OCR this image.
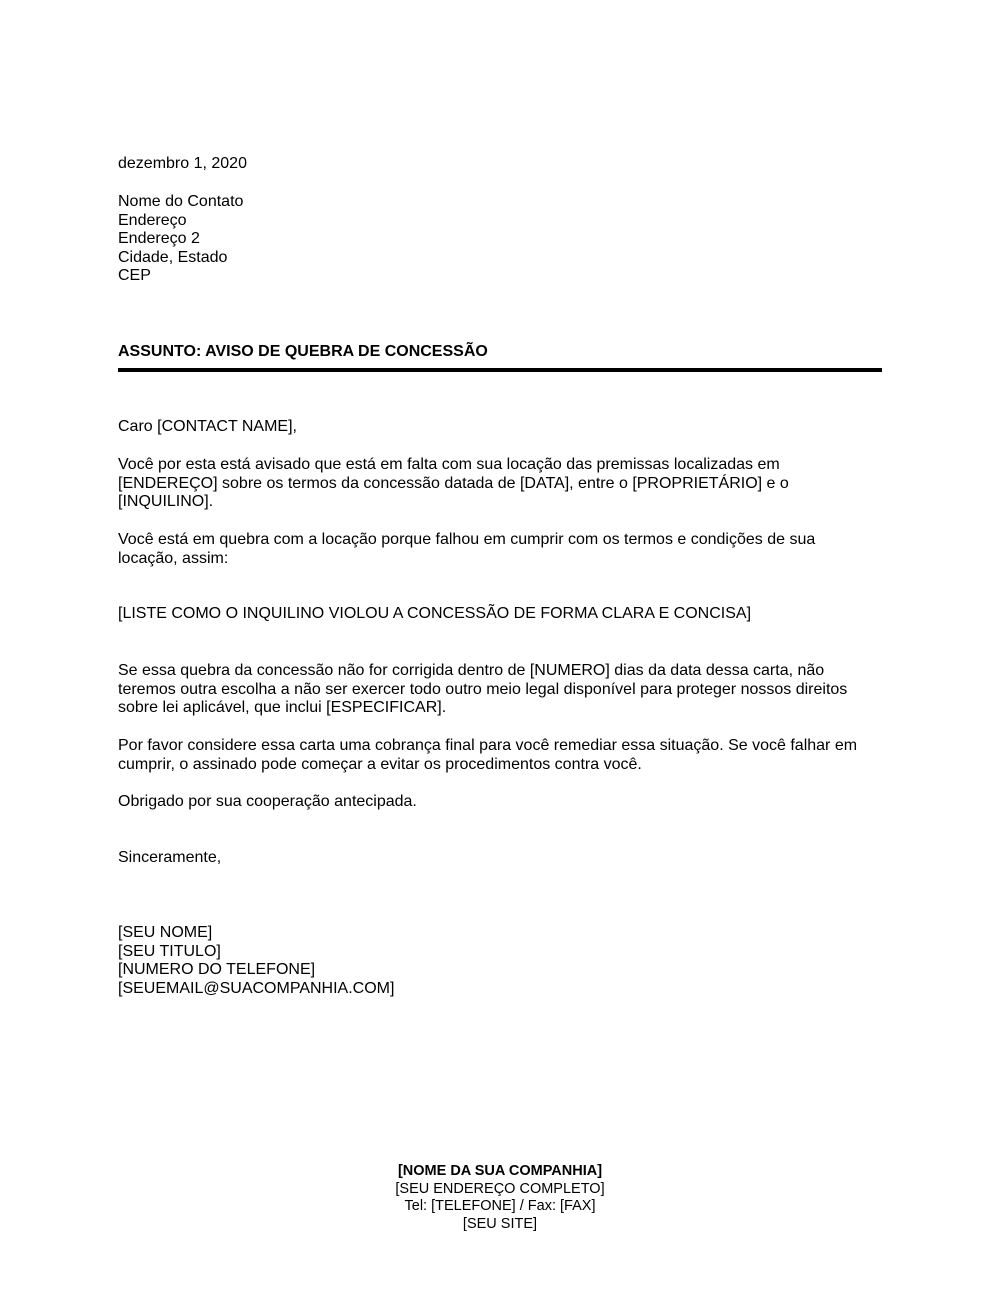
dezembro 1, 2020
Nome do Contato
Endereço
Endereço 2
Cidade, Estado
CEP
ASSUNTO: AVISO DE QUEBRA DE CONCESSÃO
Caro [CONTACT NAME],
Você por esta está avisado que está em falta com sua locação das premissas localizadas em
[ENDEREÇO] sobre os termos da concessão datada de [DATA], entre o [PROPRIETÁRIO] e o
[INQUILINO].
Você está em quebra com a locação porque falhou em cumprir com os termos e condições de sua
locação, assim:
[LISTE COMO O INQUILINO VIOLOU A CONCESSÃO DE FORMA CLARA E CONCISA]
Se essa quebra da concessão não for corrigida dentro de [NUMERO] dias da data dessa carta, não
teremos outra escolha a não ser exercer todo outro meio legal disponível para proteger nossos direitos
sobre lei aplicável, que inclui [ESPECIFICAR].
Por favor considere essa carta uma cobrança final para você remediar essa situação. Se você falhar em
cumprir, o assinado pode começar a evitar os procedimentos contra você.
Obrigado por sua cooperação antecipada.
Sinceramente,
[SEU NOME]
[SEU TITULO]
[NUMERO DO TELEFONE]
[SEUEMAIL@SUACOMPANHIA.COM]
[NOME DA SUA COMPANHIA]
[SEU ENDEREÇO COMPLETO]
Tel: [TELEFONE] / Fax: [FAX]
[SEU SITE]
